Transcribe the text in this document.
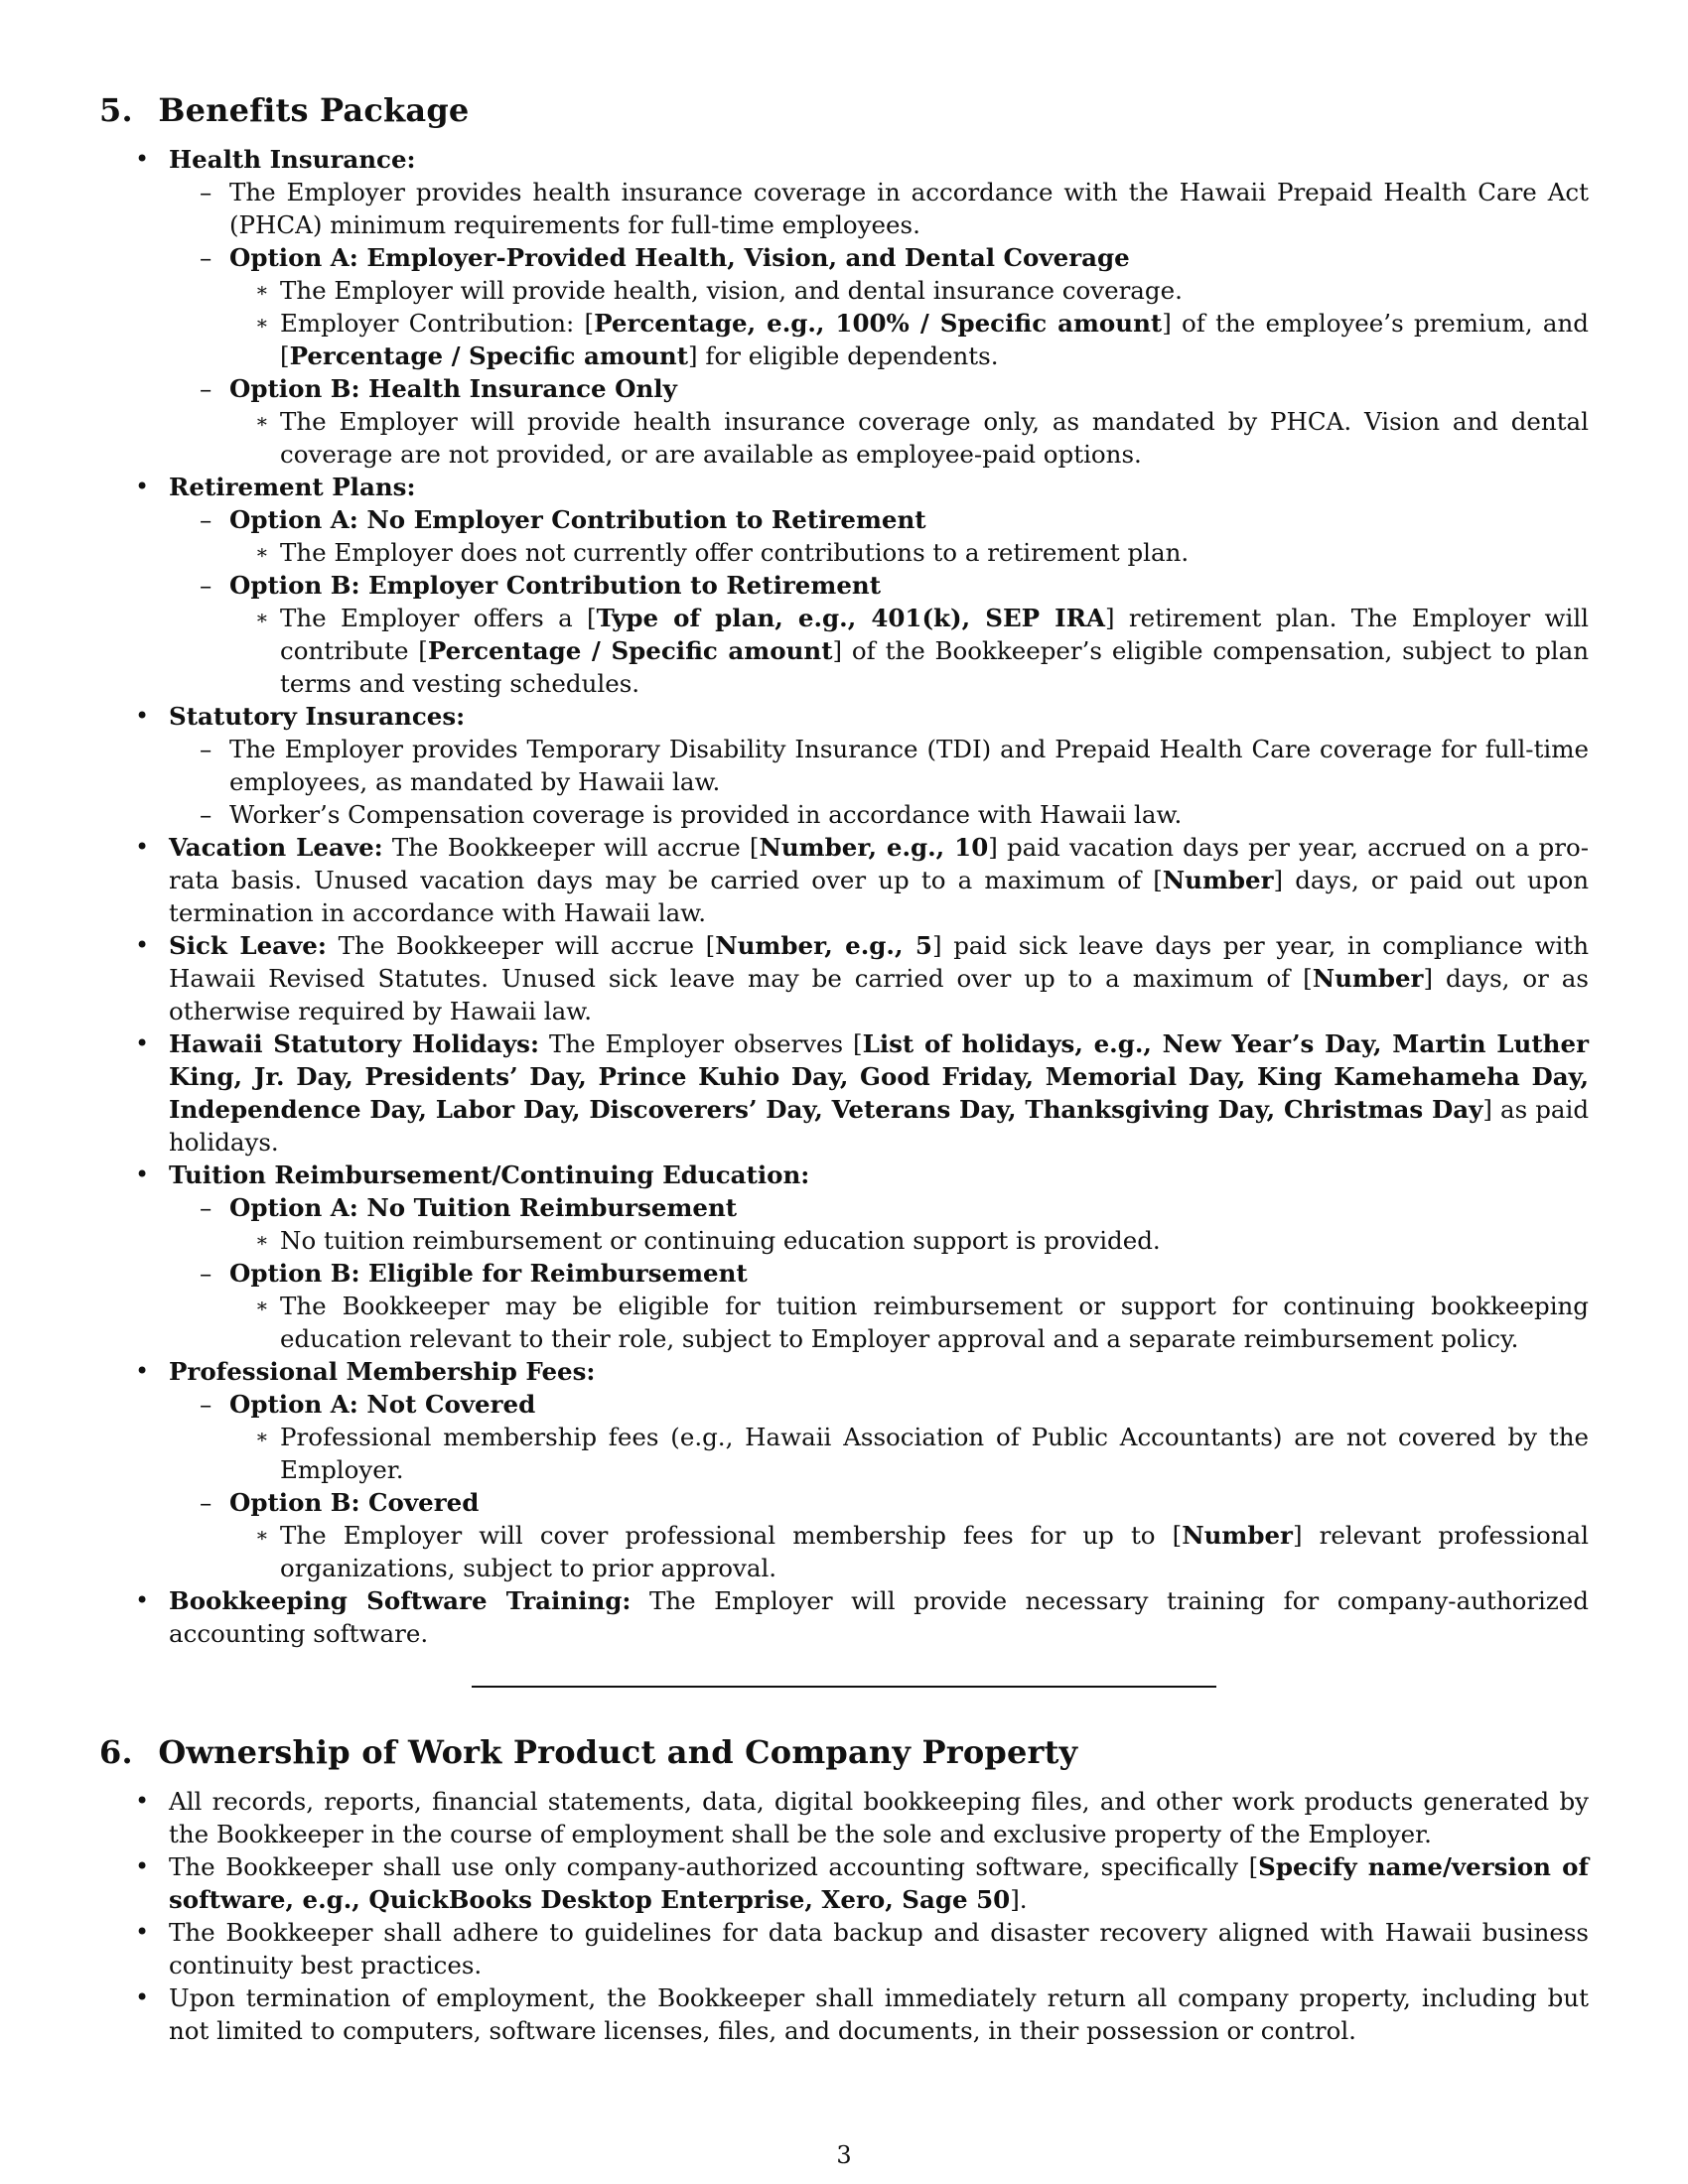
5. Benefits Package
• Health Insurance:
– The Employer provides health insurance coverage in accordance with the Hawaii Prepaid Health Care Act (PHCA) minimum requirements for full-time employees.
– Option A: Employer-Provided Health, Vision, and Dental Coverage
∗ The Employer will provide health, vision, and dental insurance coverage.
∗ Employer Contribution: [Percentage, e.g., 100% / Specific amount] of the employee’s premium, and [Percentage / Specific amount] for eligible dependents.
– Option B: Health Insurance Only
∗ The Employer will provide health insurance coverage only, as mandated by PHCA. Vision and dental coverage are not provided, or are available as employee-paid options.
• Retirement Plans:
– Option A: No Employer Contribution to Retirement
∗ The Employer does not currently offer contributions to a retirement plan.
– Option B: Employer Contribution to Retirement
∗ The Employer offers a [Type of plan, e.g., 401(k), SEP IRA] retirement plan. The Employer will contribute [Percentage / Specific amount] of the Bookkeeper’s eligible compensation, subject to plan terms and vesting schedules.
• Statutory Insurances:
– The Employer provides Temporary Disability Insurance (TDI) and Prepaid Health Care coverage for full-time employees, as mandated by Hawaii law.
– Worker’s Compensation coverage is provided in accordance with Hawaii law.
• Vacation Leave: The Bookkeeper will accrue [Number, e.g., 10] paid vacation days per year, accrued on a pro-rata basis. Unused vacation days may be carried over up to a maximum of [Number] days, or paid out upon termination in accordance with Hawaii law.
• Sick Leave: The Bookkeeper will accrue [Number, e.g., 5] paid sick leave days per year, in compliance with Hawaii Revised Statutes. Unused sick leave may be carried over up to a maximum of [Number] days, or as otherwise required by Hawaii law.
• Hawaii Statutory Holidays: The Employer observes [List of holidays, e.g., New Year’s Day, Martin Luther King, Jr. Day, Presidents’ Day, Prince Kuhio Day, Good Friday, Memorial Day, King Kamehameha Day, Independence Day, Labor Day, Discoverers’ Day, Veterans Day, Thanksgiving Day, Christmas Day] as paid holidays.
• Tuition Reimbursement/Continuing Education:
– Option A: No Tuition Reimbursement
∗ No tuition reimbursement or continuing education support is provided.
– Option B: Eligible for Reimbursement
∗ The Bookkeeper may be eligible for tuition reimbursement or support for continuing bookkeeping education relevant to their role, subject to Employer approval and a separate reimbursement policy.
• Professional Membership Fees:
– Option A: Not Covered
∗ Professional membership fees (e.g., Hawaii Association of Public Accountants) are not covered by the Employer.
– Option B: Covered
∗ The Employer will cover professional membership fees for up to [Number] relevant professional organizations, subject to prior approval.
• Bookkeeping Software Training: The Employer will provide necessary training for company-authorized accounting software.
6. Ownership of Work Product and Company Property
• All records, reports, financial statements, data, digital bookkeeping files, and other work products generated by the Bookkeeper in the course of employment shall be the sole and exclusive property of the Employer.
• The Bookkeeper shall use only company-authorized accounting software, specifically [Specify name/version of software, e.g., QuickBooks Desktop Enterprise, Xero, Sage 50].
• The Bookkeeper shall adhere to guidelines for data backup and disaster recovery aligned with Hawaii business continuity best practices.
• Upon termination of employment, the Bookkeeper shall immediately return all company property, including but not limited to computers, software licenses, files, and documents, in their possession or control.
3
